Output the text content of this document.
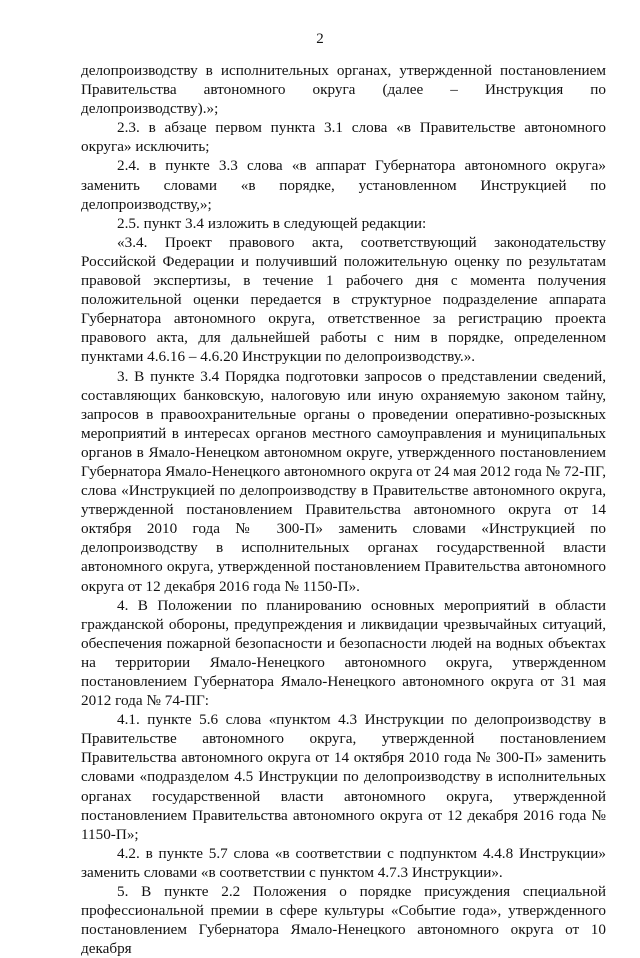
2

делопроизводству в исполнительных органах, утвержденной постановлением Правительства автономного округа (далее – Инструкция по делопроизводству).»;

2.3. в абзаце первом пункта 3.1 слова «в Правительстве автономного округа» исключить;

2.4. в пункте 3.3 слова «в аппарат Губернатора автономного округа» заменить словами «в порядке, установленном Инструкцией по делопроизводству,»;

2.5. пункт 3.4 изложить в следующей редакции:

«3.4. Проект правового акта, соответствующий законодательству Российской Федерации и получивший положительную оценку по результатам правовой экспертизы, в течение 1 рабочего дня с момента получения положительной оценки передается в структурное подразделение аппарата Губернатора автономного округа, ответственное за регистрацию проекта правового акта, для дальнейшей работы с ним в порядке, определенном пунктами 4.6.16 – 4.6.20 Инструкции по делопроизводству.».

3. В пункте 3.4 Порядка подготовки запросов о представлении сведений, составляющих банковскую, налоговую или иную охраняемую законом тайну, запросов в правоохранительные органы о проведении оперативно-розыскных мероприятий в интересах органов местного самоуправления и муниципальных органов в Ямало-Ненецком автономном округе, утвержденного постановлением Губернатора Ямало-Ненецкого автономного округа от 24 мая 2012 года № 72-ПГ, слова «Инструкцией по делопроизводству в Правительстве автономного округа, утвержденной постановлением Правительства автономного округа от 14 октября 2010 года № 300-П» заменить словами «Инструкцией по делопроизводству в исполнительных органах государственной власти автономного округа, утвержденной постановлением Правительства автономного округа от 12 декабря 2016 года № 1150-П».

4. В Положении по планированию основных мероприятий в области гражданской обороны, предупреждения и ликвидации чрезвычайных ситуаций, обеспечения пожарной безопасности и безопасности людей на водных объектах на территории Ямало-Ненецкого автономного округа, утвержденном постановлением Губернатора Ямало-Ненецкого автономного округа от 31 мая 2012 года № 74-ПГ:

4.1. пункте 5.6 слова «пунктом 4.3 Инструкции по делопроизводству в Правительстве автономного округа, утвержденной постановлением Правительства автономного округа от 14 октября 2010 года № 300-П» заменить словами «подразделом 4.5 Инструкции по делопроизводству в исполнительных органах государственной власти автономного округа, утвержденной постановлением Правительства автономного округа от 12 декабря 2016 года № 1150-П»;

4.2. в пункте 5.7 слова «в соответствии с подпунктом 4.4.8 Инструкции» заменить словами «в соответствии с пунктом 4.7.3 Инструкции».

5. В пункте 2.2 Положения о порядке присуждения специальной профессиональной премии в сфере культуры «Событие года», утвержденного постановлением Губернатора Ямало-Ненецкого автономного округа от 10 декабря
